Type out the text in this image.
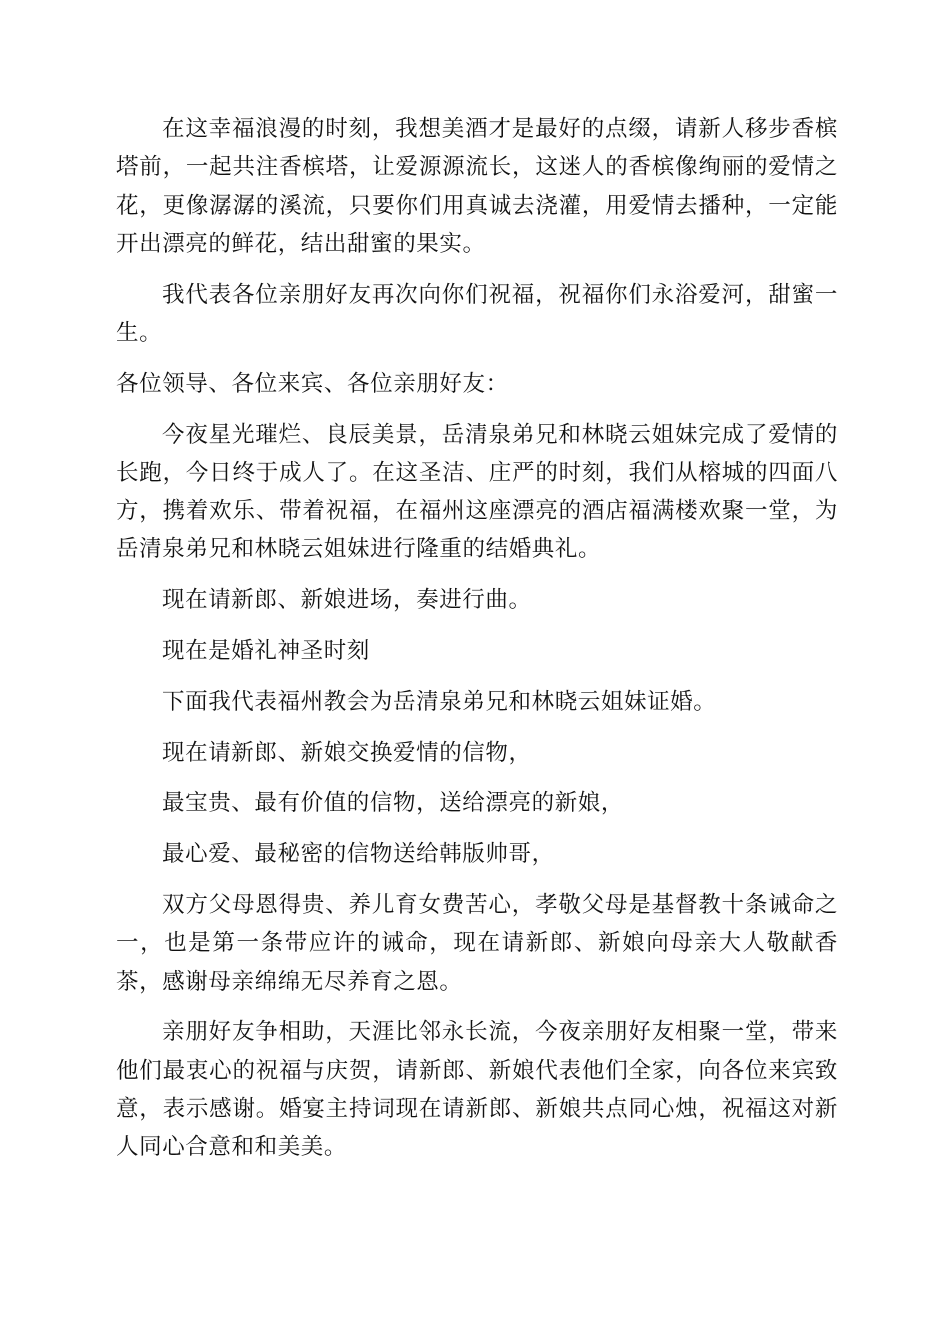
在这幸福浪漫的时刻，我想美酒才是最好的点缀，请新人移步香槟塔前，一起共注香槟塔，让爱源源流长，这迷人的香槟像绚丽的爱情之花，更像潺潺的溪流，只要你们用真诚去浇灌，用爱情去播种，一定能开出漂亮的鲜花，结出甜蜜的果实。

我代表各位亲朋好友再次向你们祝福，祝福你们永浴爱河，甜蜜一生。

各位领导、各位来宾、各位亲朋好友：

今夜星光璀烂、良辰美景，岳清泉弟兄和林晓云姐妹完成了爱情的长跑，今日终于成人了。在这圣洁、庄严的时刻，我们从榕城的四面八方，携着欢乐、带着祝福，在福州这座漂亮的酒店福满楼欢聚一堂，为岳清泉弟兄和林晓云姐妹进行隆重的结婚典礼。

现在请新郎、新娘进场，奏进行曲。

现在是婚礼神圣时刻

下面我代表福州教会为岳清泉弟兄和林晓云姐妹证婚。

现在请新郎、新娘交换爱情的信物，

最宝贵、最有价值的信物，送给漂亮的新娘，

最心爱、最秘密的信物送给韩版帅哥，

双方父母恩得贵、养儿育女费苦心，孝敬父母是基督教十条诫命之一，也是第一条带应许的诫命，现在请新郎、新娘向母亲大人敬献香茶，感谢母亲绵绵无尽养育之恩。

亲朋好友争相助，天涯比邻永长流，今夜亲朋好友相聚一堂，带来他们最衷心的祝福与庆贺，请新郎、新娘代表他们全家，向各位来宾致意，表示感谢。婚宴主持词现在请新郎、新娘共点同心烛，祝福这对新人同心合意和和美美。
